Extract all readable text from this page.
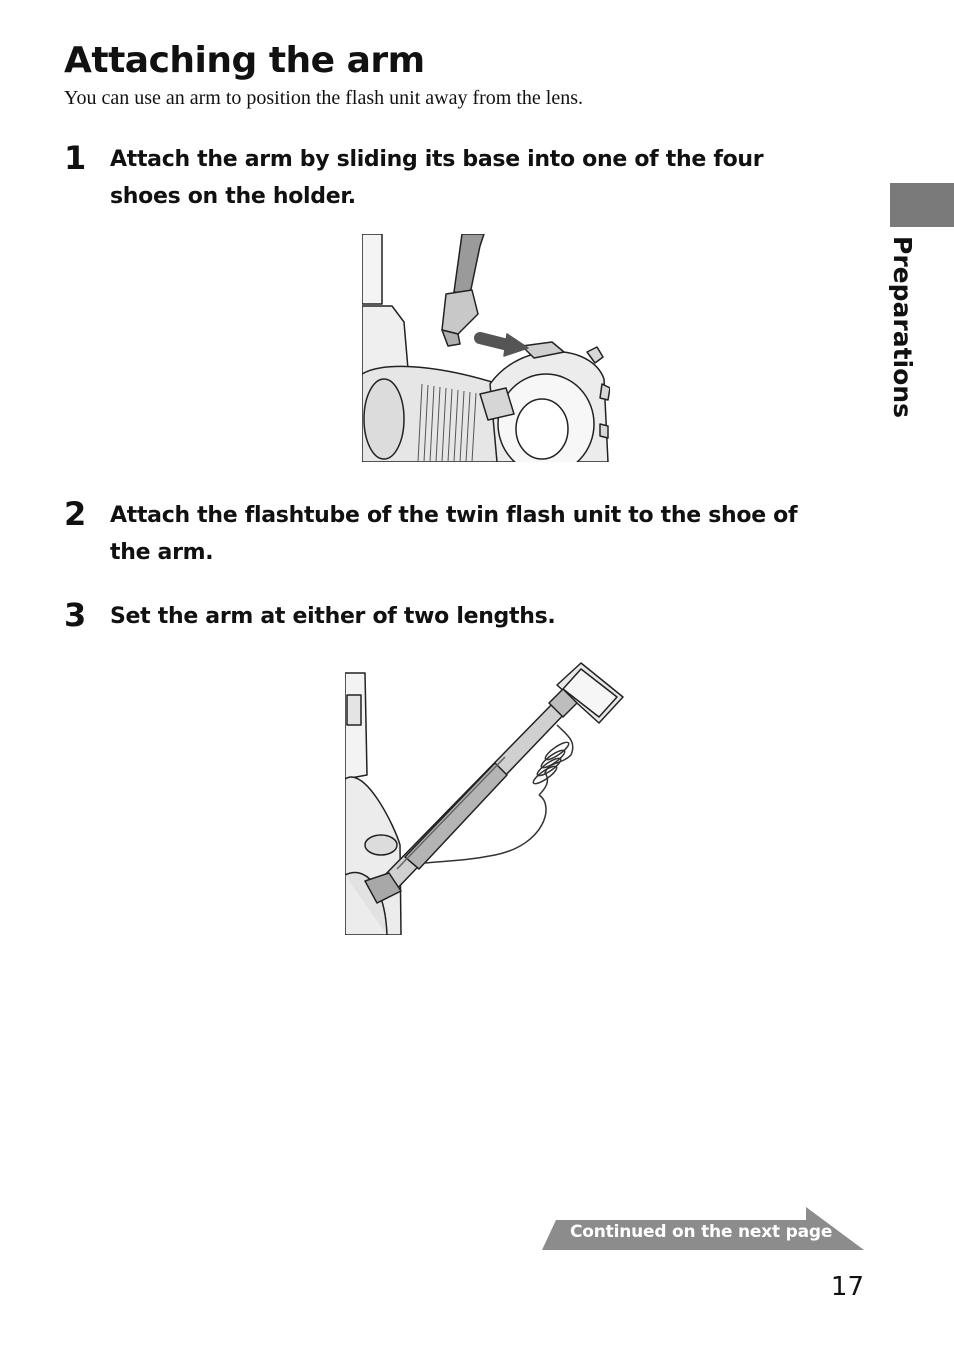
Attaching the arm
You can use an arm to position the flash unit away from the lens.
Preparations
1 Attach the arm by sliding its base into one of the four shoes on the holder.
2 Attach the flashtube of the twin flash unit to the shoe of the arm.
3 Set the arm at either of two lengths.
Continued on the next page
17
